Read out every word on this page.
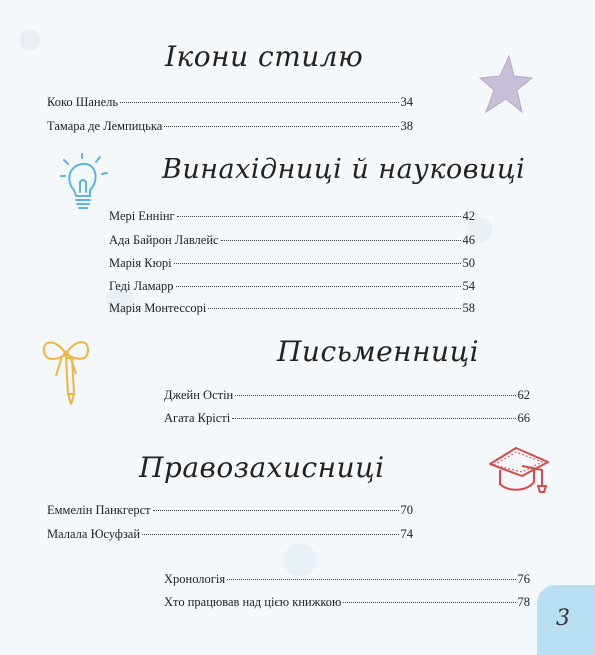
Ікони стилю
Коко Шанель	34
Тамара де Лемпицька	38
Винахідниці й науковиці
Мері Еннінг	42
Ада Байрон Лавлейс	46
Марія Кюрі	50
Геді Ламарр	54
Марія Монтессорі	58
Письменниці
Джейн Остін	62
Агата Крісті	66
Правозахисниці
Еммелін Панкгерст	70
Малала Юсуфзай	74
Хронологія	76
Хто працював над цією книжкою	78
3
